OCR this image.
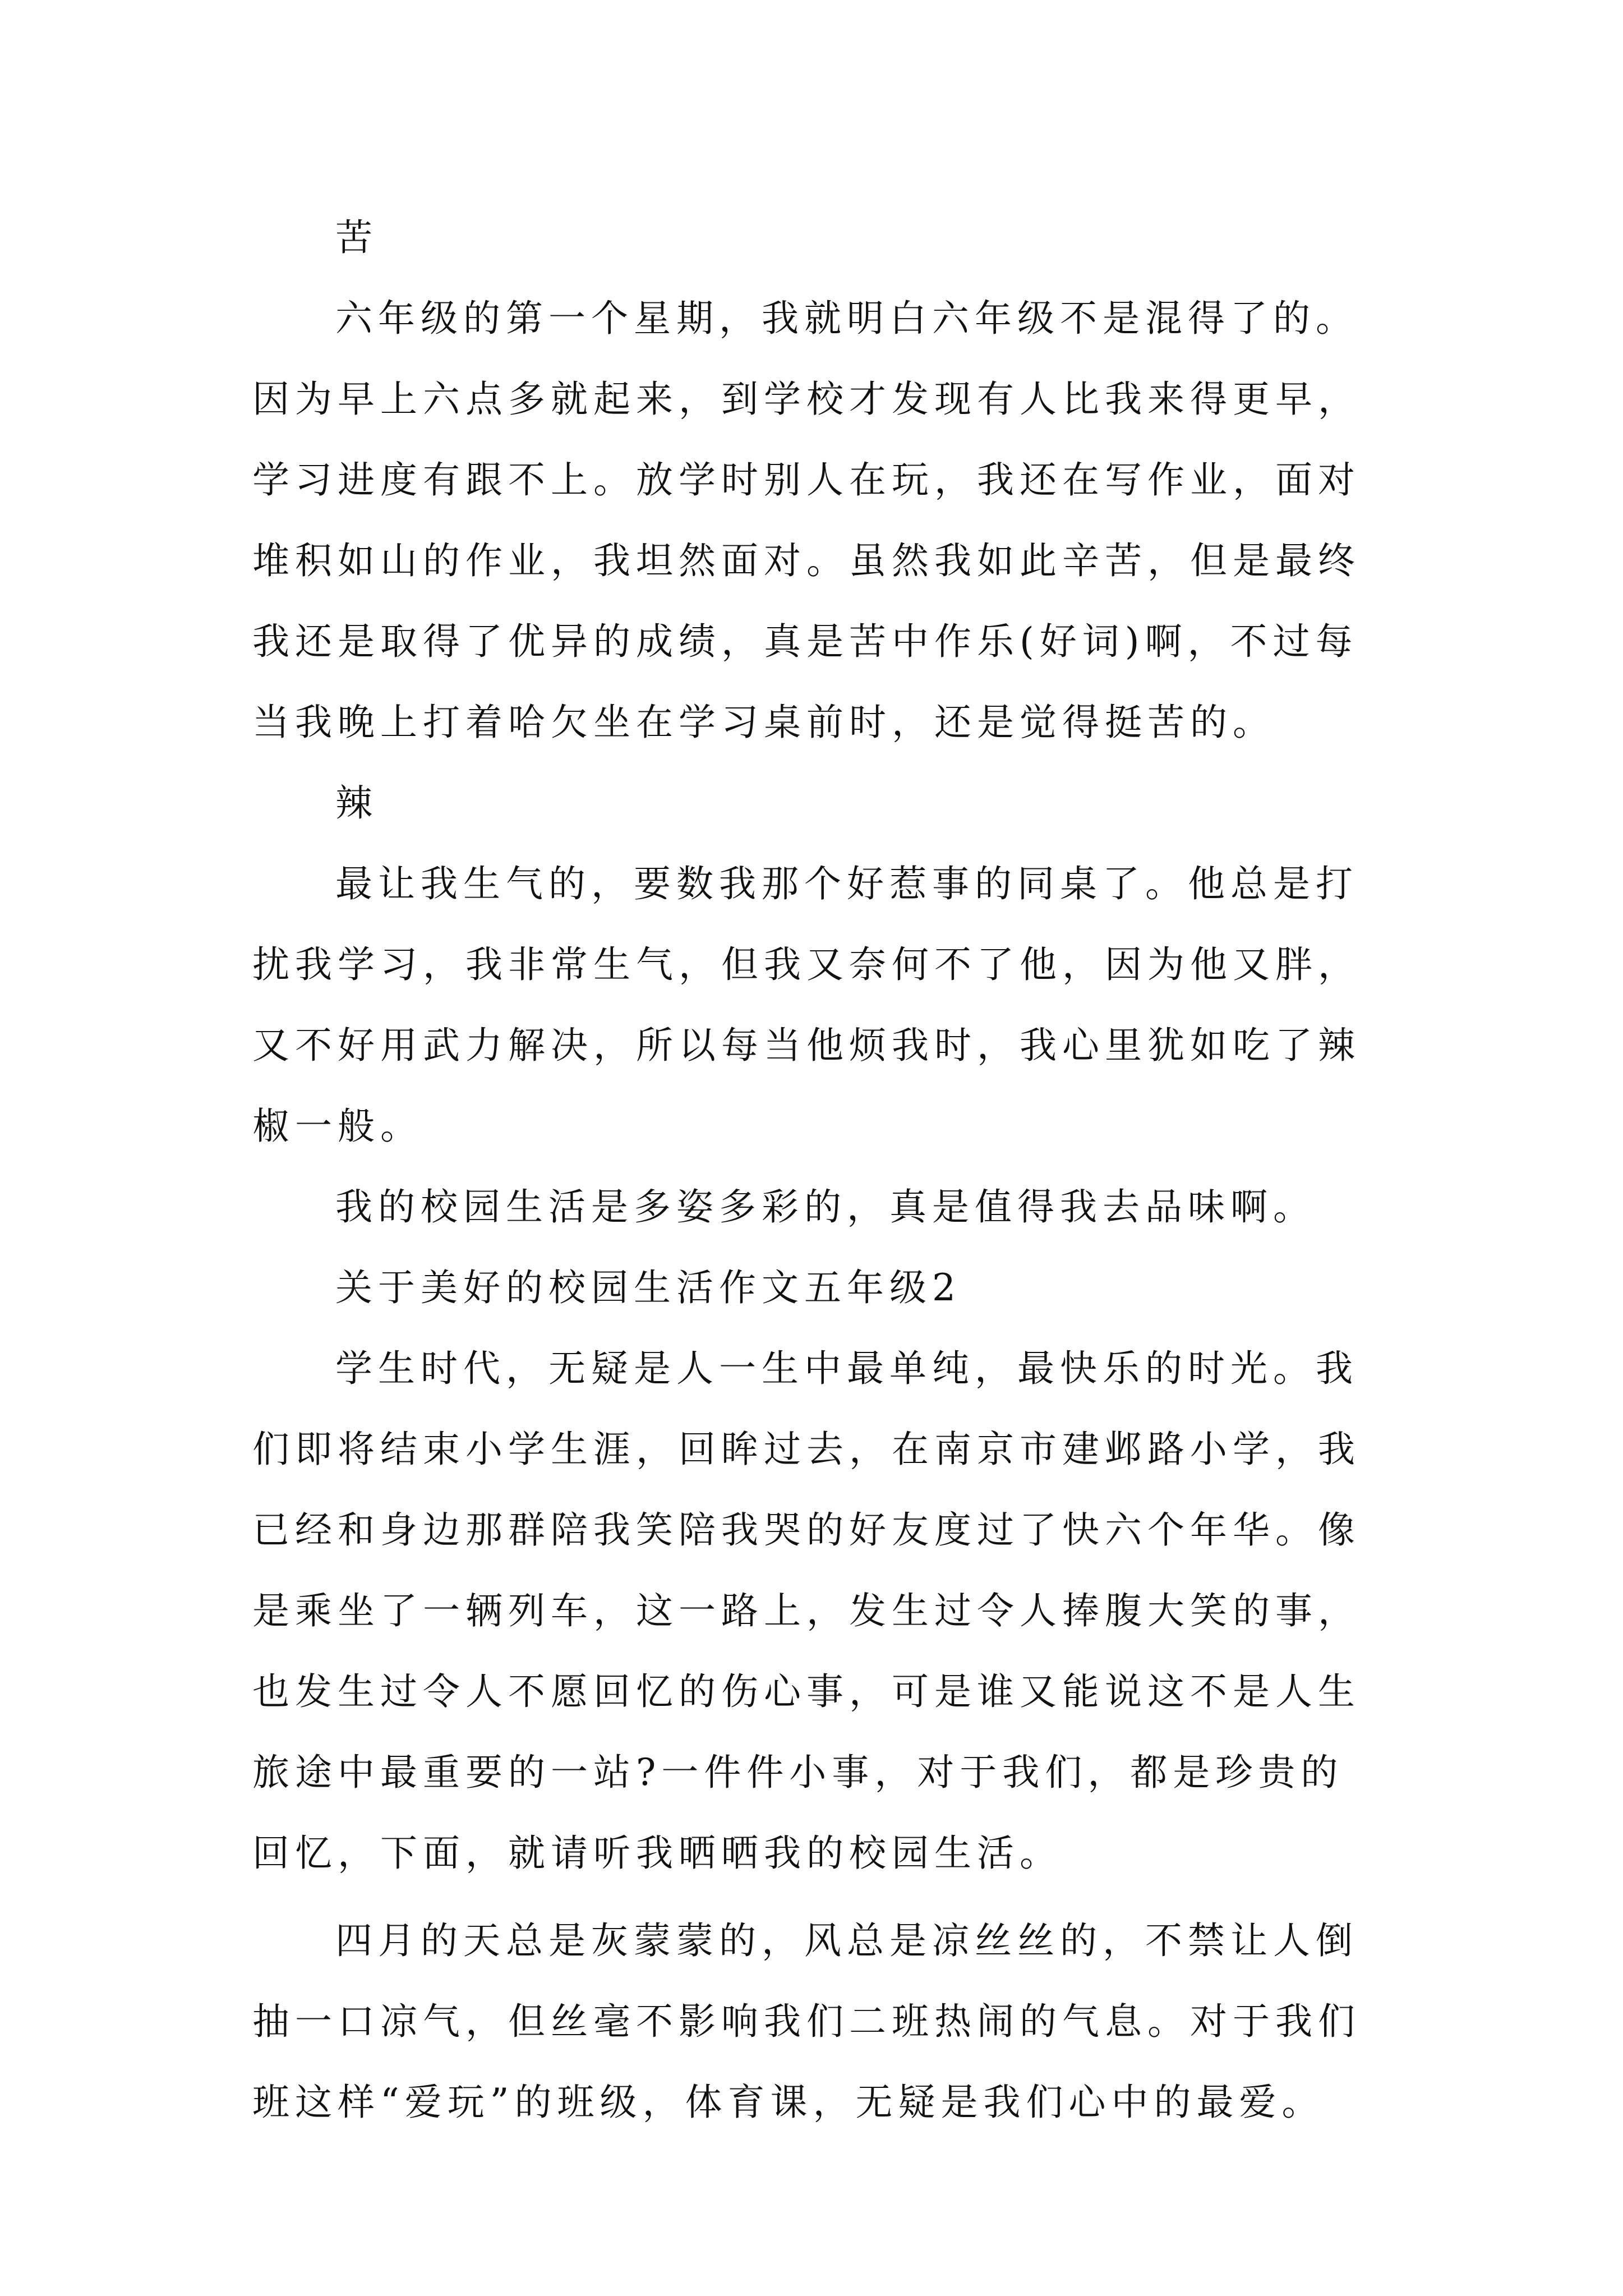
苦

六年级的第一个星期，我就明白六年级不是混得了的。因为早上六点多就起来，到学校才发现有人比我来得更早，学习进度有跟不上。放学时别人在玩，我还在写作业，面对堆积如山的作业，我坦然面对。虽然我如此辛苦，但是最终我还是取得了优异的成绩，真是苦中作乐(好词)啊，不过每当我晚上打着哈欠坐在学习桌前时，还是觉得挺苦的。

辣

最让我生气的，要数我那个好惹事的同桌了。他总是打扰我学习，我非常生气，但我又奈何不了他，因为他又胖，又不好用武力解决，所以每当他烦我时，我心里犹如吃了辣椒一般。

我的校园生活是多姿多彩的，真是值得我去品味啊。

关于美好的校园生活作文五年级2

学生时代，无疑是人一生中最单纯，最快乐的时光。我们即将结束小学生涯，回眸过去，在南京市建邺路小学，我已经和身边那群陪我笑陪我哭的好友度过了快六个年华。像是乘坐了一辆列车，这一路上，发生过令人捧腹大笑的事，也发生过令人不愿回忆的伤心事，可是谁又能说这不是人生旅途中最重要的一站?一件件小事，对于我们，都是珍贵的回忆，下面，就请听我晒晒我的校园生活。

四月的天总是灰蒙蒙的，风总是凉丝丝的，不禁让人倒抽一口凉气，但丝毫不影响我们二班热闹的气息。对于我们班这样“爱玩”的班级，体育课，无疑是我们心中的最爱。
